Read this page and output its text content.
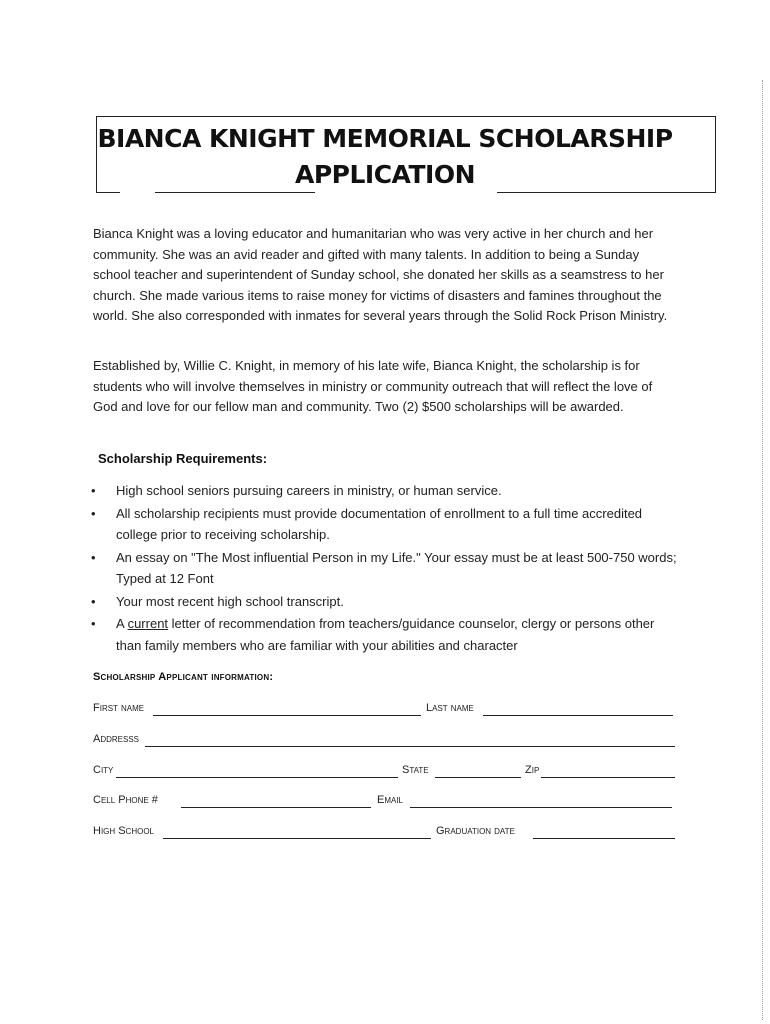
BIANCA KNIGHT MEMORIAL SCHOLARSHIP
APPLICATION
Bianca Knight was a loving educator and humanitarian who was very active in her church and her community. She was an avid reader and gifted with many talents. In addition to being a Sunday school teacher and superintendent of Sunday school, she donated her skills as a seamstress to her church. She made various items to raise money for victims of disasters and famines throughout the world. She also corresponded with inmates for several years through the Solid Rock Prison Ministry.
Established by, Willie C. Knight, in memory of his late wife, Bianca Knight, the scholarship is for students who will involve themselves in ministry or community outreach that will reflect the love of God and love for our fellow man and community. Two (2) $500 scholarships will be awarded.
Scholarship Requirements:
• High school seniors pursuing careers in ministry, or human service.
• All scholarship recipients must provide documentation of enrollment to a full time accredited college prior to receiving scholarship.
• An essay on "The Most influential Person in my Life." Your essay must be at least 500-750 words; Typed at 12 Font
• Your most recent high school transcript.
• A current letter of recommendation from teachers/guidance counselor, clergy or persons other than family members who are familiar with your abilities and character
Scholarship Applicant information:
First name	Last name
Addresss
City	State	Zip
Cell Phone #	Email
High School	Graduation date
